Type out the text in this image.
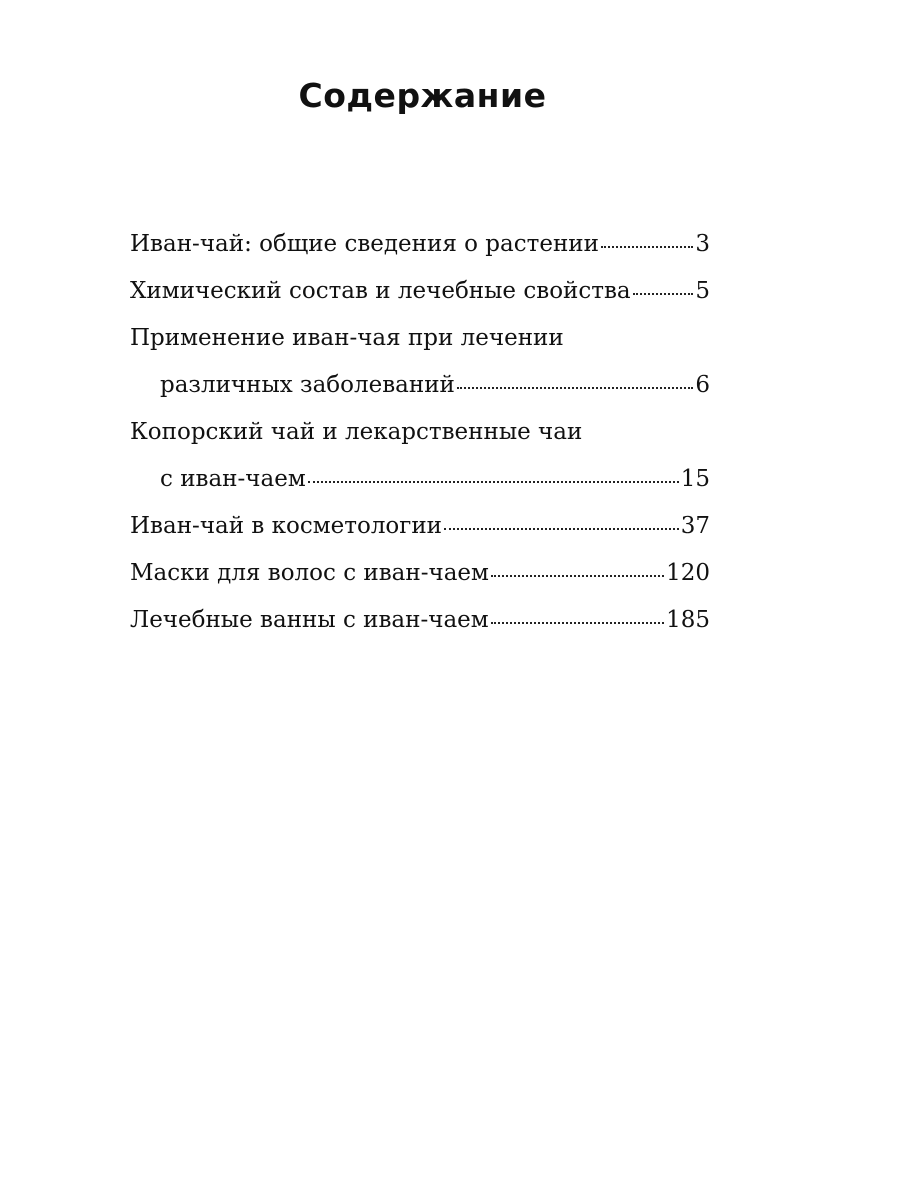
Содержание
Иван-чай: общие сведения о растении	3
Химический состав и лечебные свойства	5
Применение иван-чая при лечении
различных заболеваний	6
Копорский чай и лекарственные чаи
с иван-чаем	15
Иван-чай в косметологии	37
Маски для волос с иван-чаем	120
Лечебные ванны с иван-чаем	185
